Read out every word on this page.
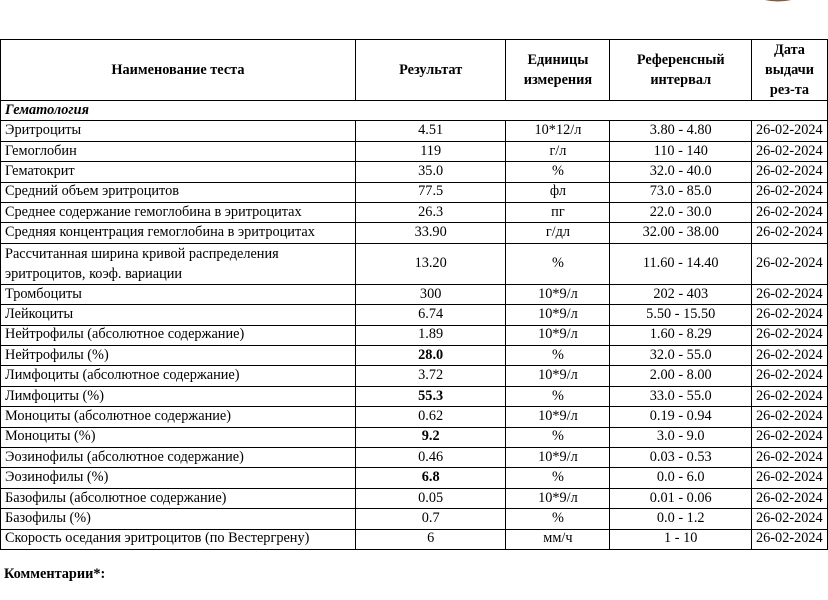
Наименование теста	Результат	Единицы измерения	Референсный интервал	Дата выдачи рез-та
Гематология				
Эритроциты	4.51	10*12/л	3.80 - 4.80	26-02-2024
Гемоглобин	119	г/л	110 - 140	26-02-2024
Гематокрит	35.0	%	32.0 - 40.0	26-02-2024
Средний объем эритроцитов	77.5	фл	73.0 - 85.0	26-02-2024
Среднее содержание гемоглобина в эритроцитах	26.3	пг	22.0 - 30.0	26-02-2024
Средняя концентрация гемоглобина в эритроцитах	33.90	г/дл	32.00 - 38.00	26-02-2024
Рассчитанная ширина кривой распределения эритроцитов, коэф. вариации	13.20	%	11.60 - 14.40	26-02-2024
Тромбоциты	300	10*9/л	202 - 403	26-02-2024
Лейкоциты	6.74	10*9/л	5.50 - 15.50	26-02-2024
Нейтрофилы (абсолютное содержание)	1.89	10*9/л	1.60 - 8.29	26-02-2024
Нейтрофилы (%)	28.0	%	32.0 - 55.0	26-02-2024
Лимфоциты (абсолютное содержание)	3.72	10*9/л	2.00 - 8.00	26-02-2024
Лимфоциты (%)	55.3	%	33.0 - 55.0	26-02-2024
Моноциты (абсолютное содержание)	0.62	10*9/л	0.19 - 0.94	26-02-2024
Моноциты (%)	9.2	%	3.0 - 9.0	26-02-2024
Эозинофилы (абсолютное содержание)	0.46	10*9/л	0.03 - 0.53	26-02-2024
Эозинофилы (%)	6.8	%	0.0 - 6.0	26-02-2024
Базофилы (абсолютное содержание)	0.05	10*9/л	0.01 - 0.06	26-02-2024
Базофилы (%)	0.7	%	0.0 - 1.2	26-02-2024
Скорость оседания эритроцитов (по Вестергрену)	6	мм/ч	1 - 10	26-02-2024
Комментарии*:
